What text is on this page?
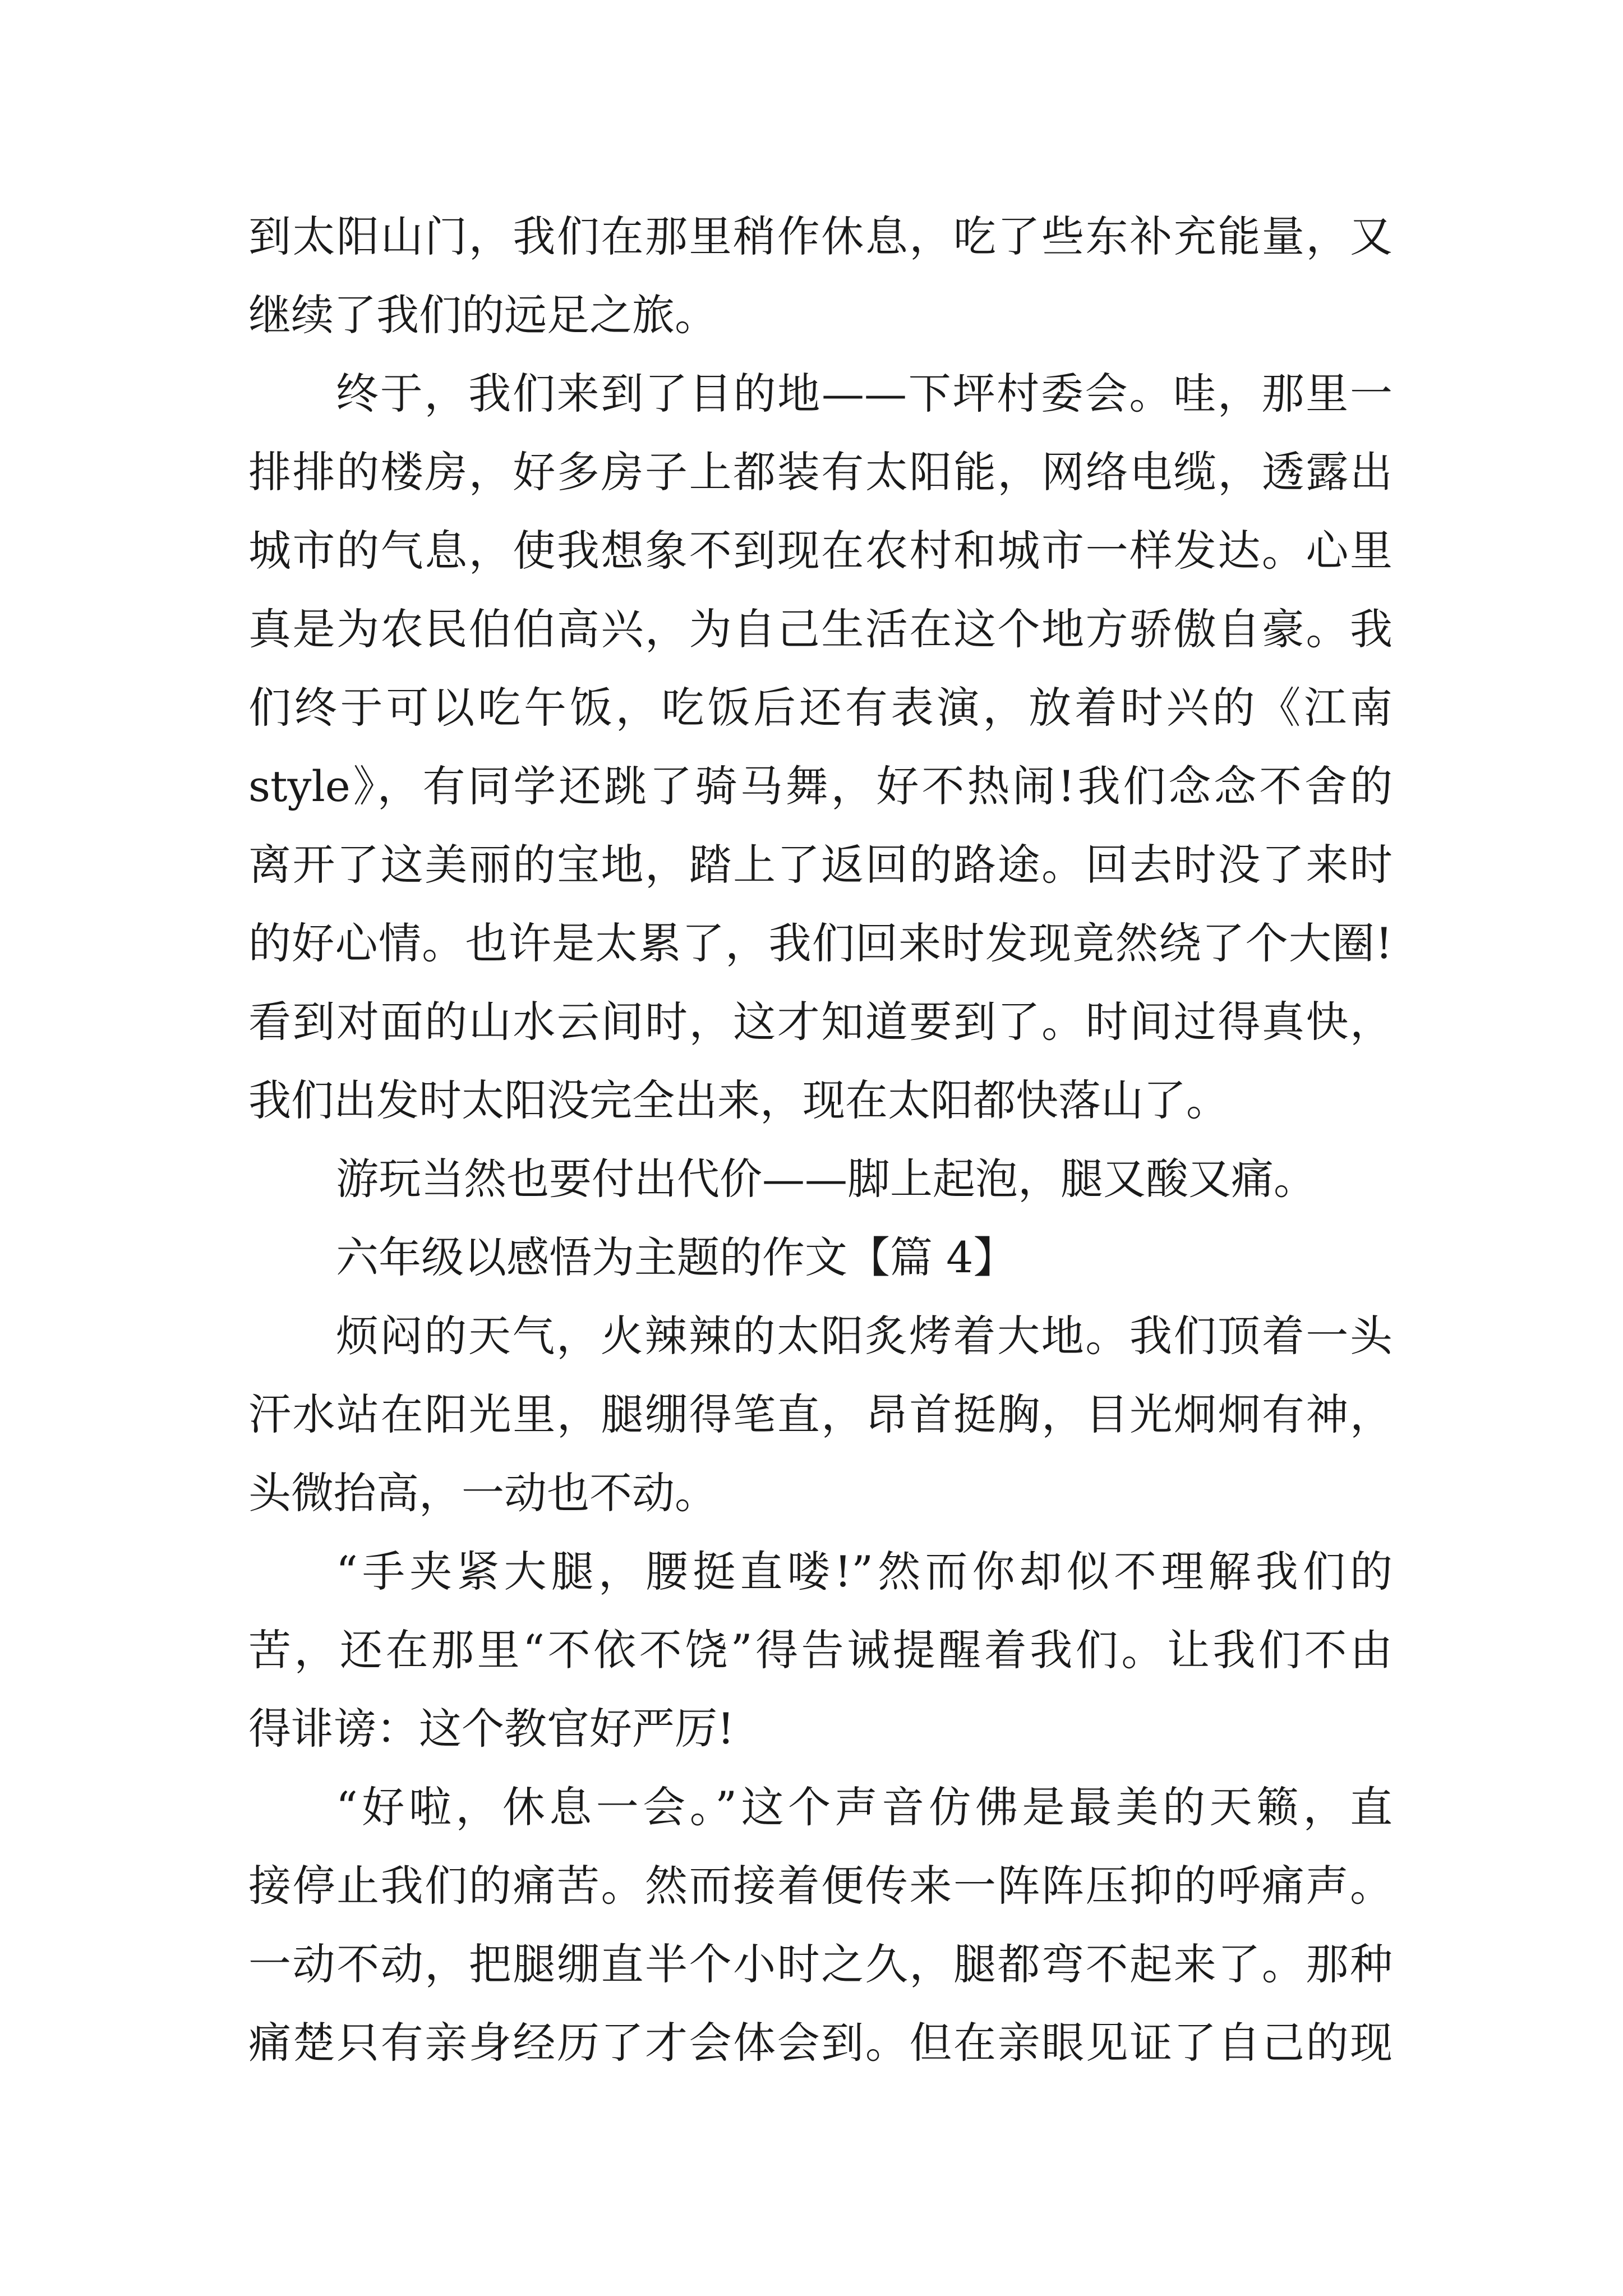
到太阳山门，我们在那里稍作休息，吃了些东补充能量，又
继续了我们的远足之旅。
终于，我们来到了目的地——下坪村委会。哇，那里一
排排的楼房，好多房子上都装有太阳能，网络电缆，透露出
城市的气息，使我想象不到现在农村和城市一样发达。心里
真是为农民伯伯高兴，为自己生活在这个地方骄傲自豪。我
们终于可以吃午饭，吃饭后还有表演，放着时兴的《江南
style》，有同学还跳了骑马舞，好不热闹!我们念念不舍的
离开了这美丽的宝地，踏上了返回的路途。回去时没了来时
的好心情。也许是太累了，我们回来时发现竟然绕了个大圈!
看到对面的山水云间时，这才知道要到了。时间过得真快，
我们出发时太阳没完全出来，现在太阳都快落山了。
游玩当然也要付出代价——脚上起泡，腿又酸又痛。
六年级以感悟为主题的作文【篇 4】
烦闷的天气，火辣辣的太阳炙烤着大地。我们顶着一头
汗水站在阳光里，腿绷得笔直，昂首挺胸，目光炯炯有神，
头微抬高，一动也不动。
“手夹紧大腿，腰挺直喽!”然而你却似不理解我们的
苦，还在那里“不依不饶”得告诫提醒着我们。让我们不由
得诽谤：这个教官好严厉!
“好啦，休息一会。”这个声音仿佛是最美的天籁，直
接停止我们的痛苦。然而接着便传来一阵阵压抑的呼痛声。
一动不动，把腿绷直半个小时之久，腿都弯不起来了。那种
痛楚只有亲身经历了才会体会到。但在亲眼见证了自己的现
